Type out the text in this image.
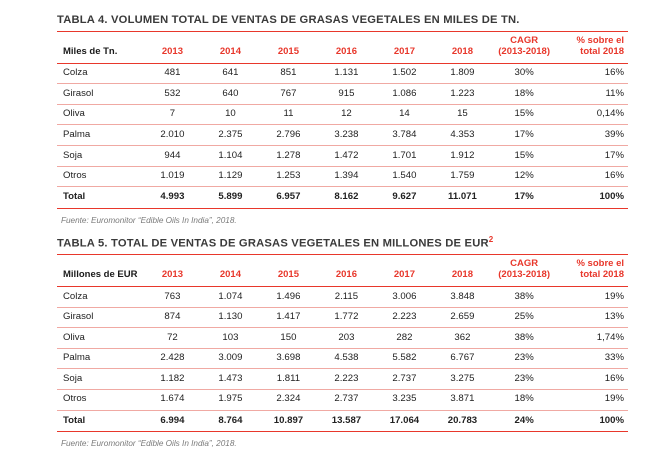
TABLA 4. VOLUMEN TOTAL DE VENTAS DE GRASAS VEGETALES EN MILES DE TN.
Miles de Tn.	2013	2014	2015	2016	2017	2018	CAGR (2013-2018)	% sobre el total 2018
Colza	481	641	851	1.131	1.502	1.809	30%	16%
Girasol	532	640	767	915	1.086	1.223	18%	11%
Oliva	7	10	11	12	14	15	15%	0,14%
Palma	2.010	2.375	2.796	3.238	3.784	4.353	17%	39%
Soja	944	1.104	1.278	1.472	1.701	1.912	15%	17%
Otros	1.019	1.129	1.253	1.394	1.540	1.759	12%	16%
Total	4.993	5.899	6.957	8.162	9.627	11.071	17%	100%
Fuente: Euromonitor “Edible Oils In India”, 2018.
TABLA 5. TOTAL DE VENTAS DE GRASAS VEGETALES EN MILLONES DE EUR$^2$
Millones de EUR	2013	2014	2015	2016	2017	2018	CAGR (2013-2018)	% sobre el total 2018
Colza	763	1.074	1.496	2.115	3.006	3.848	38%	19%
Girasol	874	1.130	1.417	1.772	2.223	2.659	25%	13%
Oliva	72	103	150	203	282	362	38%	1,74%
Palma	2.428	3.009	3.698	4.538	5.582	6.767	23%	33%
Soja	1.182	1.473	1.811	2.223	2.737	3.275	23%	16%
Otros	1.674	1.975	2.324	2.737	3.235	3.871	18%	19%
Total	6.994	8.764	10.897	13.587	17.064	20.783	24%	100%
Fuente: Euromonitor “Edible Oils In India”, 2018.
